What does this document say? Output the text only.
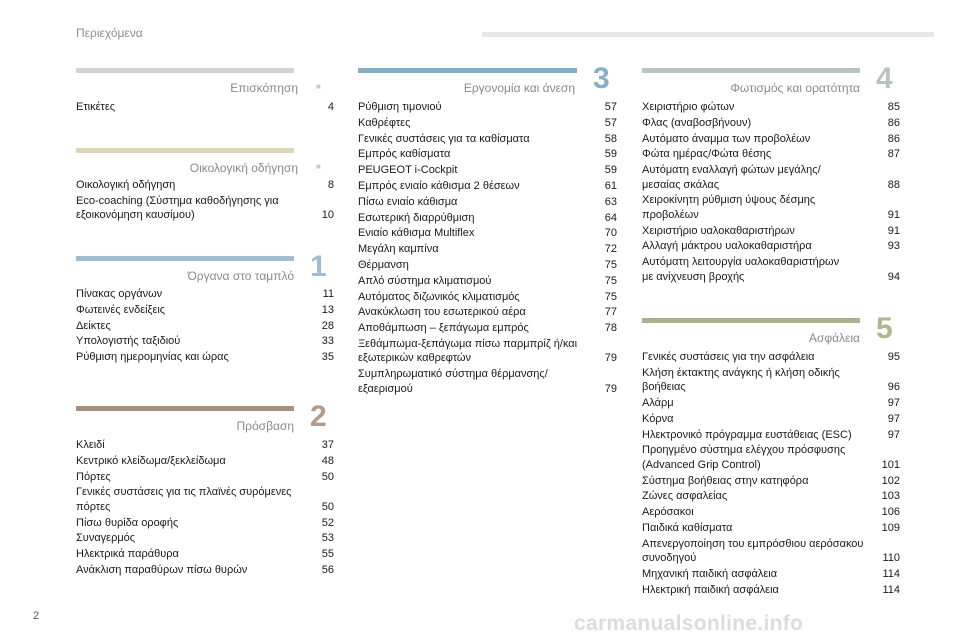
Περιεχόμενα
Επισκόπηση ■
Ετικέτες	4
Οικολογική οδήγηση ■
Οικολογική οδήγηση	8
Eco-coaching (Σύστημα καθοδήγησης για
εξοικονόμηση καυσίμου)	10
Όργανα στο ταμπλό 1
Πίνακας οργάνων	11
Φωτεινές ενδείξεις	13
Δείκτες	28
Υπολογιστής ταξιδιού	33
Ρύθμιση ημερομηνίας και ώρας	35
Πρόσβαση 2
Κλειδί	37
Κεντρικό κλείδωμα/ξεκλείδωμα	48
Πόρτες	50
Γενικές συστάσεις για τις πλαϊνές συρόμενες
πόρτες	50
Πίσω θυρίδα οροφής	52
Συναγερμός	53
Ηλεκτρικά παράθυρα	55
Ανάκλιση παραθύρων πίσω θυρών	56
Εργονομία και άνεση 3
Ρύθμιση τιμονιού	57
Καθρέφτες	57
Γενικές συστάσεις για τα καθίσματα	58
Εμπρός καθίσματα	59
PEUGEOT i-Cockpit	59
Εμπρός ενιαίο κάθισμα 2 θέσεων	61
Πίσω ενιαίο κάθισμα	63
Εσωτερική διαρρύθμιση	64
Ενιαίο κάθισμα Multiflex	70
Μεγάλη καμπίνα	72
Θέρμανση	75
Απλό σύστημα κλιματισμού	75
Αυτόματος διζωνικός κλιματισμός	75
Ανακύκλωση του εσωτερικού αέρα	77
Αποθάμπωση – ξεπάγωμα εμπρός	78
Ξεθάμπωμα-ξεπάγωμα πίσω παρμπρίζ ή/και
εξωτερικών καθρεφτών	79
Συμπληρωματικό σύστημα θέρμανσης/εξαερισμού	79
Φωτισμός και ορατότητα 4
Χειριστήριο φώτων	85
Φλας (αναβοσβήνουν)	86
Αυτόματο άναμμα των προβολέων	86
Φώτα ημέρας/Φώτα θέσης	87
Αυτόματη εναλλαγή φώτων μεγάλης/
μεσαίας σκάλας	88
Χειροκίνητη ρύθμιση ύψους δέσμης προβολέων	91
Χειριστήριο υαλοκαθαριστήρων	91
Αλλαγή μάκτρου υαλοκαθαριστήρα	93
Αυτόματη λειτουργία υαλοκαθαριστήρων
με ανίχνευση βροχής	94
Ασφάλεια 5
Γενικές συστάσεις για την ασφάλεια	95
Κλήση έκτακτης ανάγκης ή κλήση οδικής βοήθειας	96
Αλάρμ	97
Κόρνα	97
Ηλεκτρονικό πρόγραμμα ευστάθειας (ESC)	97
Προηγμένο σύστημα ελέγχου πρόσφυσης
(Advanced Grip Control)	101
Σύστημα βοήθειας στην κατηφόρα	102
Ζώνες ασφαλείας	103
Αερόσακοι	106
Παιδικά καθίσματα	109
Απενεργοποίηση του εμπρόσθιου αερόσακου
συνοδηγού	110
Μηχανική παιδική ασφάλεια	114
Ηλεκτρική παιδική ασφάλεια	114
2	carmanualsonline.info
